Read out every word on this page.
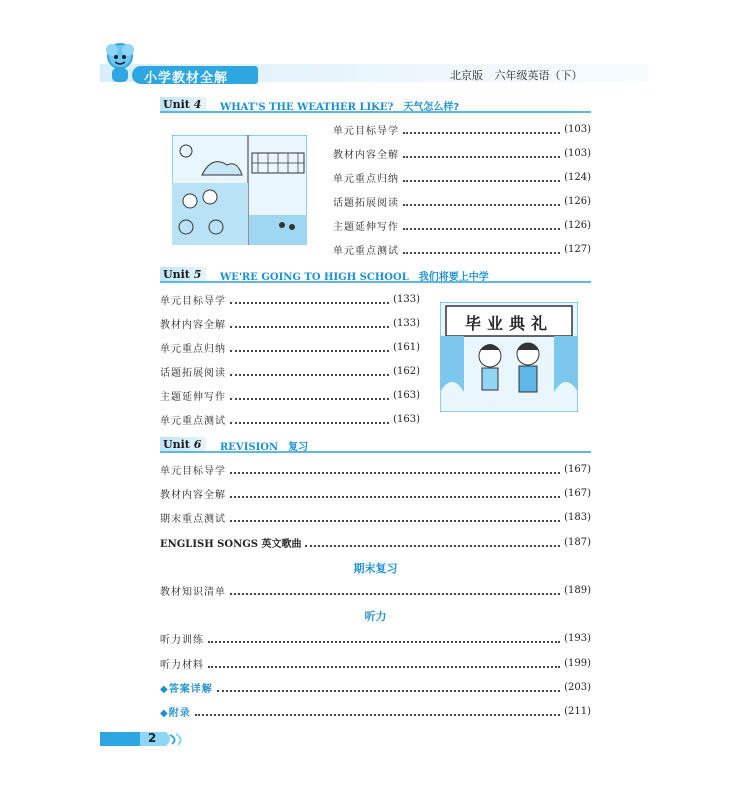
小学教材全解	北京版 六年级英语（下）
Unit 4 WHAT'S THE WEATHER LIKE? 天气怎么样?
单元目标导学	(103)
教材内容全解	(103)
单元重点归纳	(124)
话题拓展阅读	(126)
主题延伸写作	(126)
单元重点测试	(127)
Unit 5 WE'RE GOING TO HIGH SCHOOL 我们将要上中学
单元目标导学	(133)
教材内容全解	(133)
单元重点归纳	(161)
话题拓展阅读	(162)
主题延伸写作	(163)
单元重点测试	(163)
毕业典礼
Unit 6 REVISION 复习
单元目标导学	(167)
教材内容全解	(167)
期末重点测试	(183)
ENGLISH SONGS 英文歌曲	(187)
期末复习
教材知识清单	(189)
听力
听力训练	(193)
听力材料	(199)
◆答案详解	(203)
◆附录	(211)
2
